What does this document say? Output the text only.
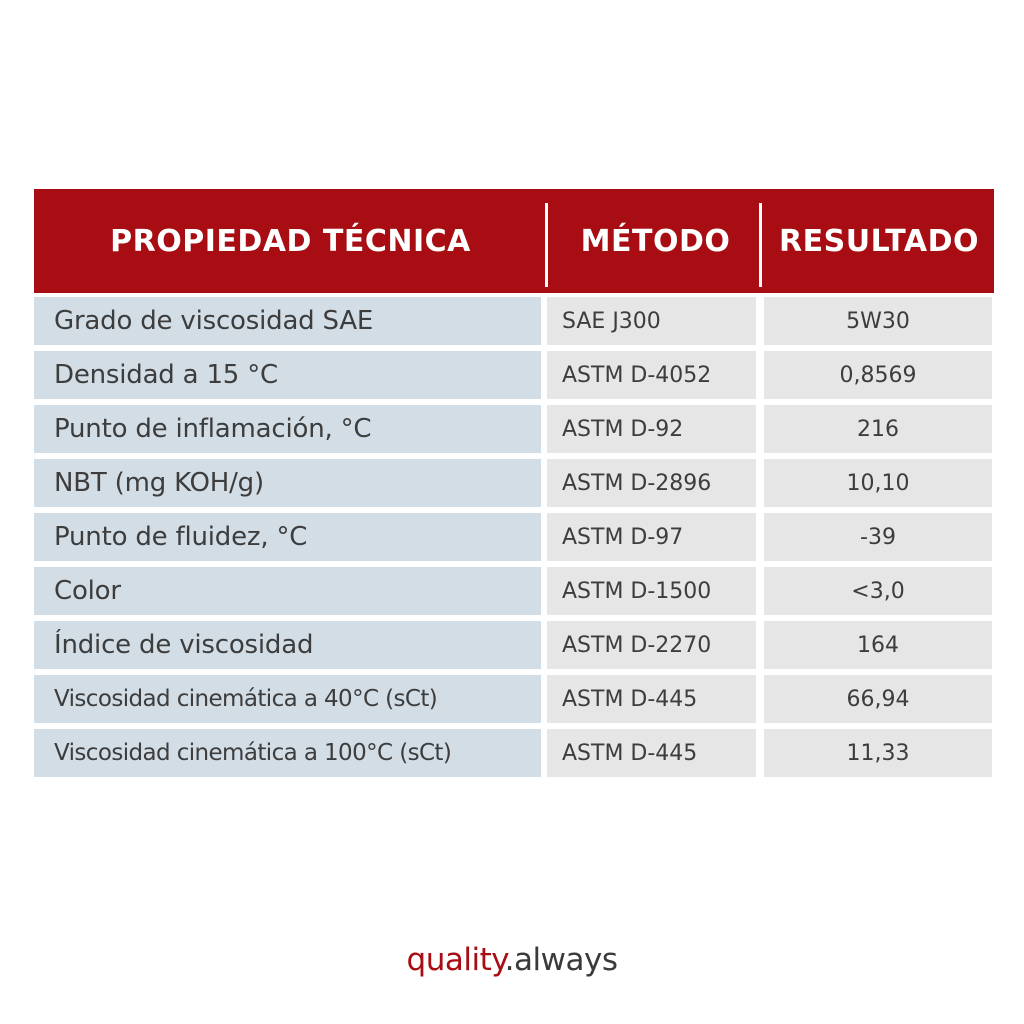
PROPIEDAD TÉCNICA	MÉTODO	RESULTADO
Grado de viscosidad SAE	SAE J300	5W30
Densidad a 15 °C	ASTM D-4052	0,8569
Punto de inflamación, °C	ASTM D-92	216
NBT (mg KOH/g)	ASTM D-2896	10,10
Punto de fluidez, °C	ASTM D-97	-39
Color	ASTM D-1500	<3,0
Índice de viscosidad	ASTM D-2270	164
Viscosidad cinemática a 40°C (sCt)	ASTM D-445	66,94
Viscosidad cinemática a 100°C (sCt)	ASTM D-445	11,33
quality.always
